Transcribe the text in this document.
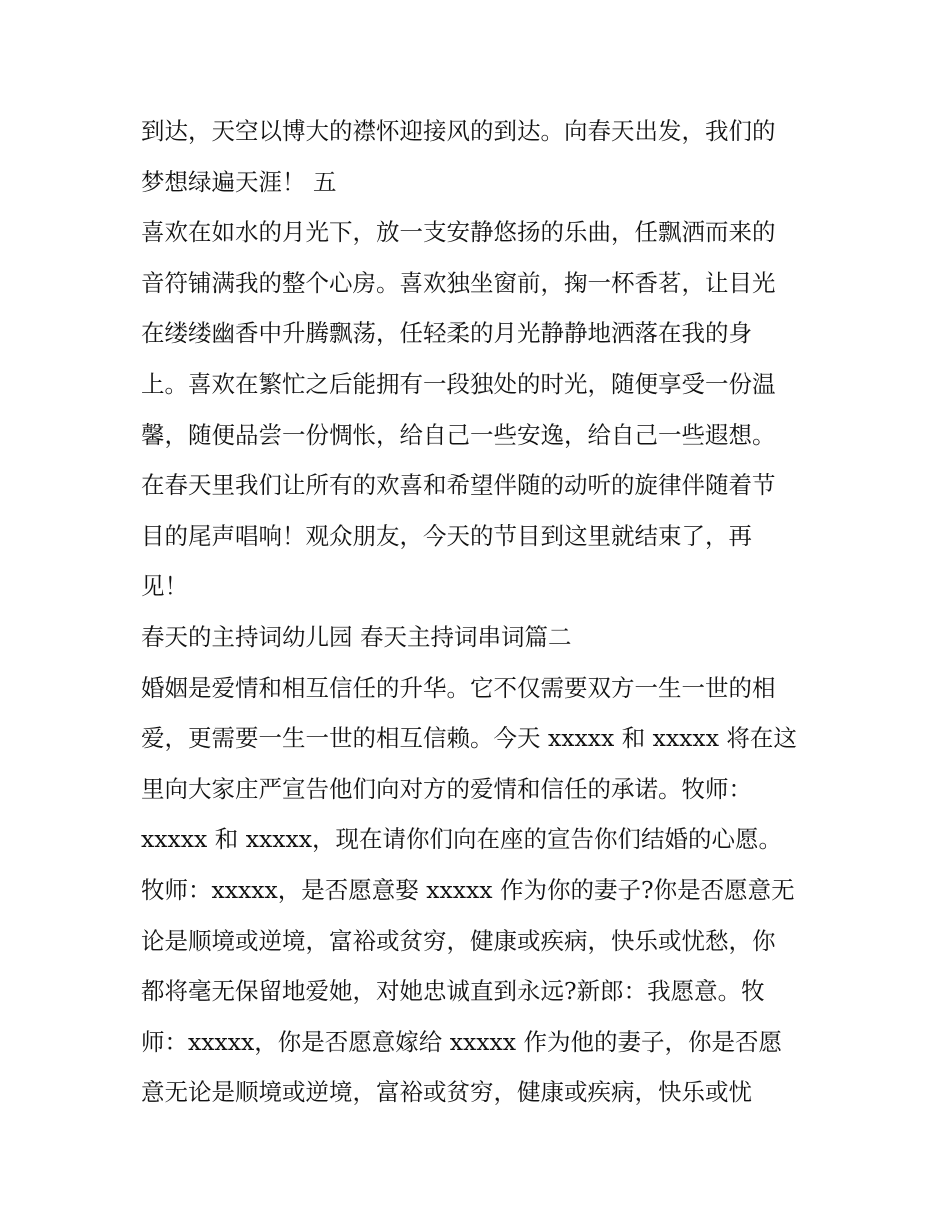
到达，天空以博大的襟怀迎接风的到达。向春天出发，我们的
梦想绿遍天涯！ 五
喜欢在如水的月光下，放一支安静悠扬的乐曲，任飘洒而来的
音符铺满我的整个心房。喜欢独坐窗前，掬一杯香茗，让目光
在缕缕幽香中升腾飘荡，任轻柔的月光静静地洒落在我的身
上。喜欢在繁忙之后能拥有一段独处的时光，随便享受一份温
馨，随便品尝一份惆怅，给自己一些安逸，给自己一些遐想。
在春天里我们让所有的欢喜和希望伴随的动听的旋律伴随着节
目的尾声唱响！观众朋友，今天的节目到这里就结束了，再
见！
春天的主持词幼儿园 春天主持词串词篇二
婚姻是爱情和相互信任的升华。它不仅需要双方一生一世的相
爱，更需要一生一世的相互信赖。今天 xxxxx 和 xxxxx 将在这
里向大家庄严宣告他们向对方的爱情和信任的承诺。牧师：
xxxxx 和 xxxxx，现在请你们向在座的宣告你们结婚的心愿。
牧师：xxxxx，是否愿意娶 xxxxx 作为你的妻子?你是否愿意无
论是顺境或逆境，富裕或贫穷，健康或疾病，快乐或忧愁，你
都将毫无保留地爱她，对她忠诚直到永远?新郎：我愿意。牧
师：xxxxx，你是否愿意嫁给 xxxxx 作为他的妻子，你是否愿
意无论是顺境或逆境，富裕或贫穷，健康或疾病，快乐或忧
